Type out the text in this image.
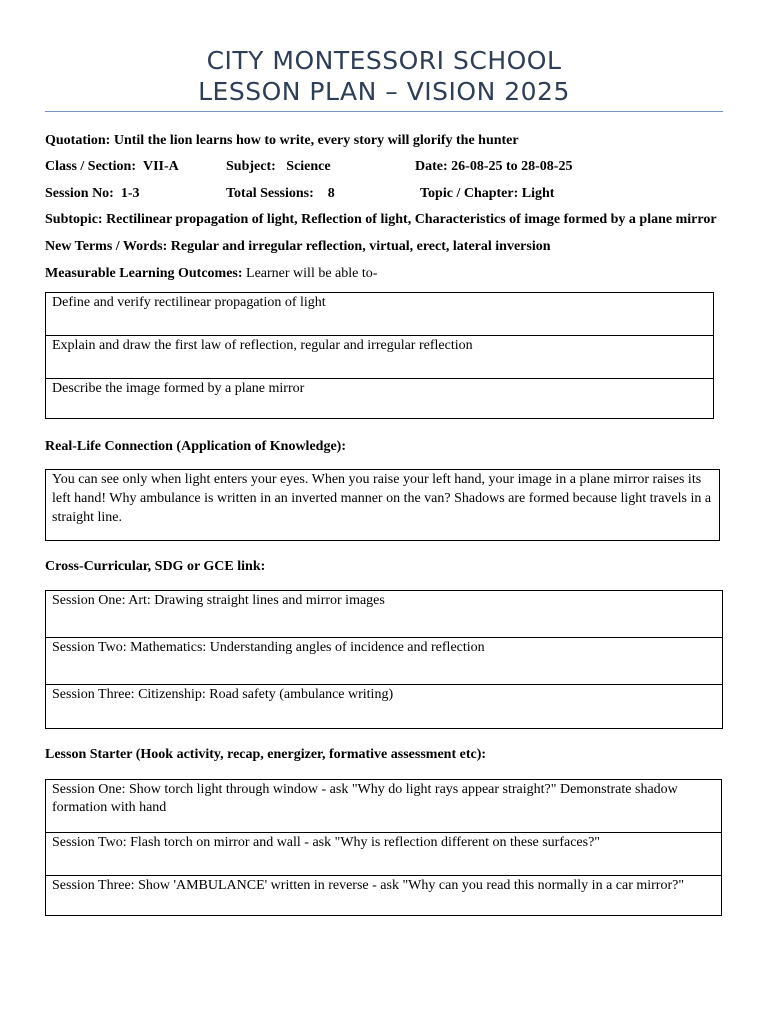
CITY MONTESSORI SCHOOL
LESSON PLAN – VISION 2025
Quotation: Until the lion learns how to write, every story will glorify the hunter
Class / Section: VII-A	Subject: Science	Date: 26-08-25 to 28-08-25
Session No: 1-3	Total Sessions: 8	Topic / Chapter: Light
Subtopic: Rectilinear propagation of light, Reflection of light, Characteristics of image formed by a plane mirror
New Terms / Words: Regular and irregular reflection, virtual, erect, lateral inversion
Measurable Learning Outcomes: Learner will be able to-
Define and verify rectilinear propagation of light
Explain and draw the first law of reflection, regular and irregular reflection
Describe the image formed by a plane mirror
Real-Life Connection (Application of Knowledge):
You can see only when light enters your eyes. When you raise your left hand, your image in a plane mirror raises its
left hand! Why ambulance is written in an inverted manner on the van? Shadows are formed because light travels in a
straight line.
Cross-Curricular, SDG or GCE link:
Session One: Art: Drawing straight lines and mirror images
Session Two: Mathematics: Understanding angles of incidence and reflection
Session Three: Citizenship: Road safety (ambulance writing)
Lesson Starter (Hook activity, recap, energizer, formative assessment etc):
Session One: Show torch light through window - ask "Why do light rays appear straight?" Demonstrate shadow
formation with hand
Session Two: Flash torch on mirror and wall - ask "Why is reflection different on these surfaces?"
Session Three: Show 'AMBULANCE' written in reverse - ask "Why can you read this normally in a car mirror?"
